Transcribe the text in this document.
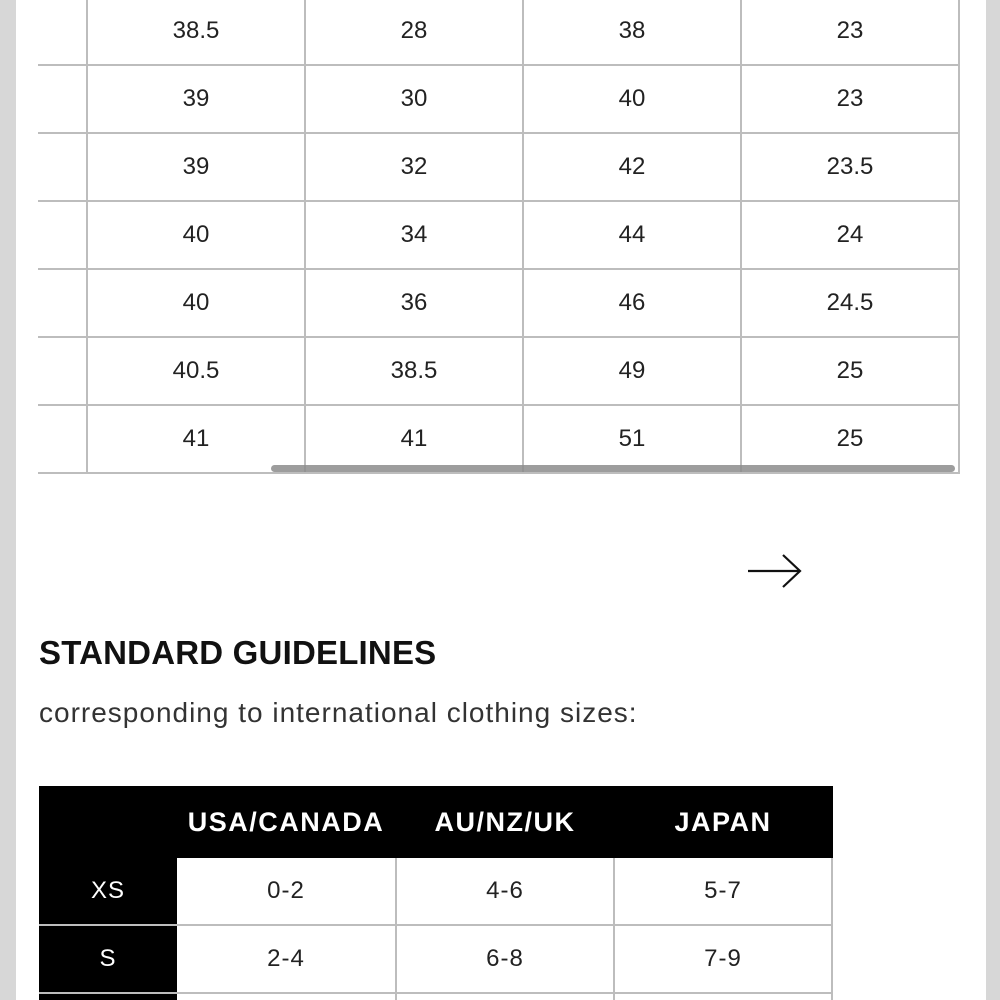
	38.5	28	38	23
	39	30	40	23
	39	32	42	23.5
	40	34	44	24
	40	36	46	24.5
	40.5	38.5	49	25
	41	41	51	25
STANDARD GUIDELINES

corresponding to international clothing sizes:

	USA/CANADA	AU/NZ/UK	JAPAN
XS	0-2	4-6	5-7
S	2-4	6-8	7-9
